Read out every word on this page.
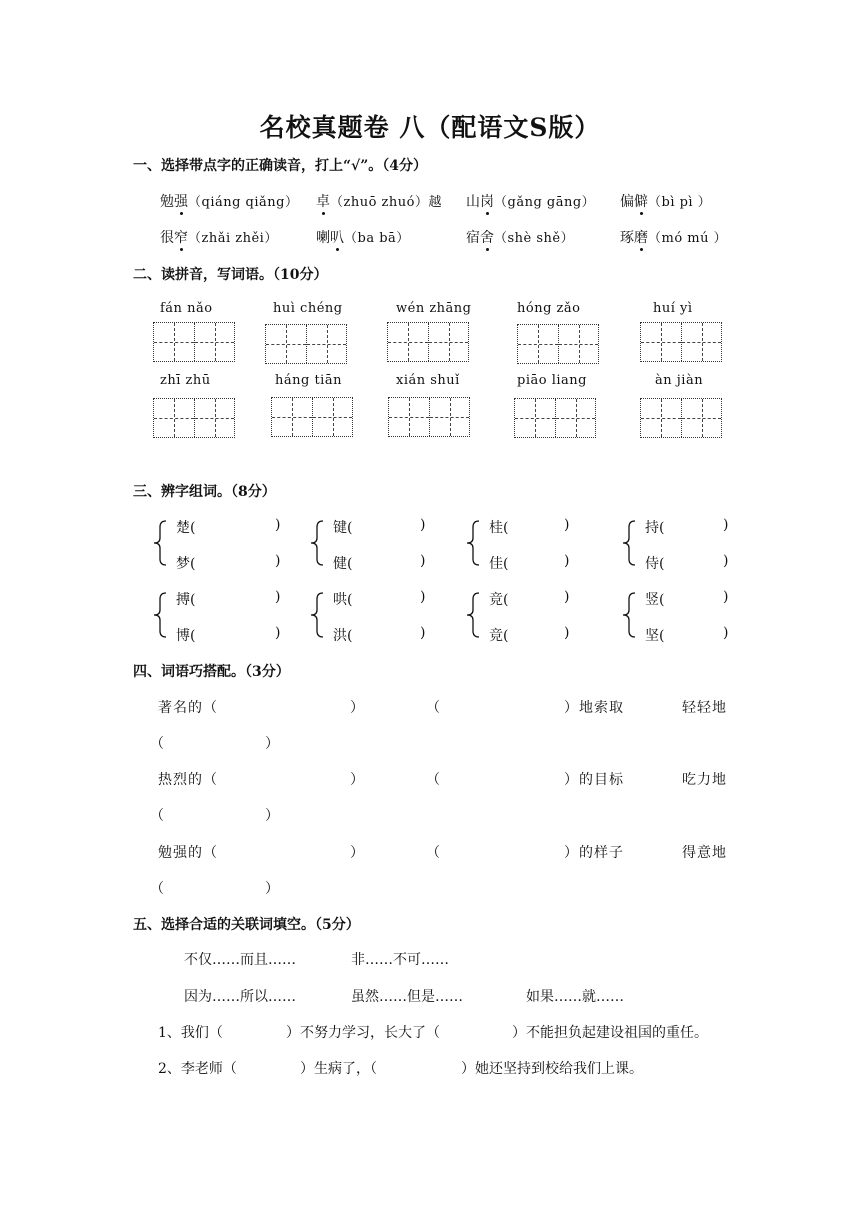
名校真题卷 八（配语文S版）
一、选择带点字的正确读音，打上“√”。（4分）
勉强（qiáng qiǎng） 卓（zhuō zhuó）越 山岗（gǎng gāng） 偏僻（bì pì ）
很窄（zhǎi zhěi）	喇叭（ba bā）	宿舍（shè shě）	琢磨（mó mú ）
二、读拼音，写词语。（10分）
fán nǎo	huì chéng	wén zhāng	hóng zǎo	huí yì
zhī zhū	háng tiān	xián shuǐ	piāo liang	àn jiàn
三、辨字组词。（8分）
楚(	)
梦(	)
键(	)
健(	)
桂(	)
佳(	)
持(	)
侍(	)
搏(	)
博(	)
哄(	)
洪(	)
竞(	)
竞(	)
竖(	)
坚(	)
四、词语巧搭配。（3分）
著名的（	）	（	）地索取	轻轻地
（	）
热烈的（	）	（	）的目标	吃力地
（	）
勉强的（	）	（	）的样子	得意地
（	）
五、选择合适的关联词填空。（5分）
不仅……而且……	非……不可……
因为……所以……	虽然……但是……	如果……就……
1、我们（	）不努力学习，长大了（	）不能担负起建设祖国的重任。
2、李老师（	）生病了，（	）她还坚持到校给我们上课。
